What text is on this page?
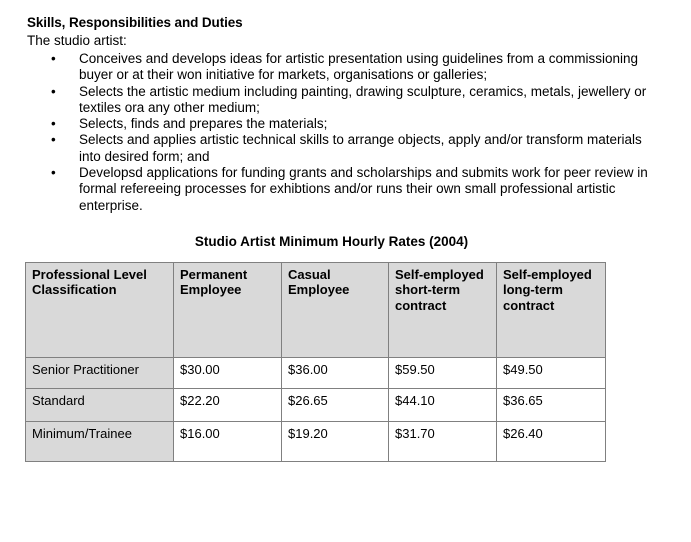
Skills, Responsibilities and Duties
The studio artist:
• Conceives and develops ideas for artistic presentation using guidelines from a commissioning buyer or at their won initiative for markets, organisations or galleries;
• Selects the artistic medium including painting, drawing sculpture, ceramics, metals, jewellery or textiles ora any other medium;
• Selects, finds and prepares the materials;
• Selects and applies artistic technical skills to arrange objects, apply and/or transform materials into desired form; and
• Developsd applications for funding grants and scholarships and submits work for peer review in formal refereeing processes for exhibtions and/or runs their own small professional artistic enterprise.
Studio Artist Minimum Hourly Rates (2004)
Professional Level Classification	Permanent Employee	Casual Employee	Self-employed short-term contract	Self-employed long-term contract
Senior Practitioner	$30.00	$36.00	$59.50	$49.50
Standard	$22.20	$26.65	$44.10	$36.65
Minimum/Trainee	$16.00	$19.20	$31.70	$26.40
